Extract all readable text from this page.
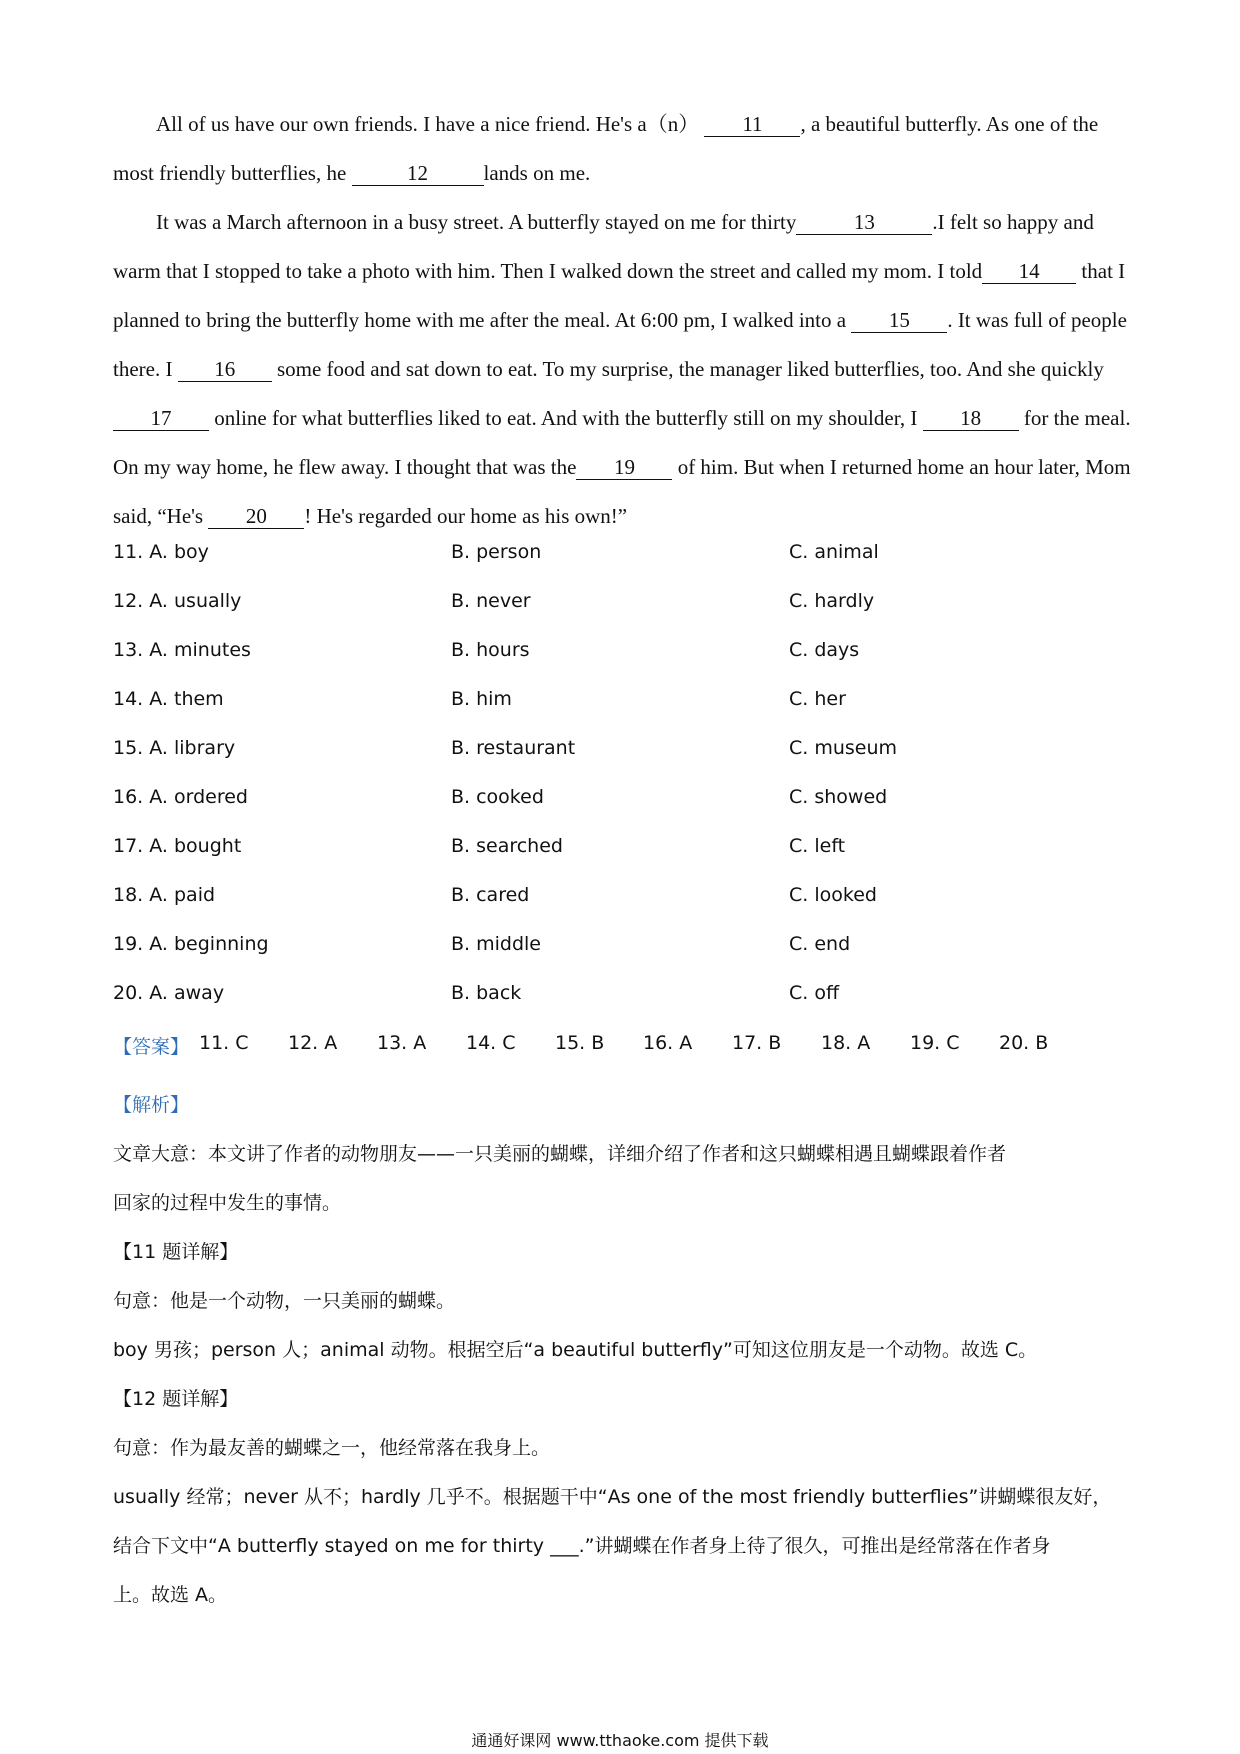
All of us have our own friends. I have a nice friend. He's a（n） 11 , a beautiful butterfly. As one of the most friendly butterflies, he	12	lands on me.

It was a March afternoon in a busy street. A butterfly stayed on me for thirty	13	.I felt so happy and warm that I stopped to take a photo with him. Then I walked down the street and called my mom. I told 14 that I planned to bring the butterfly home with me after the meal. At 6:00 pm, I walked into a 15 . It was full of people there. I 16 some food and sat down to eat. To my surprise, the manager liked butterflies, too. And she quickly 17 online for what butterflies liked to eat. And with the butterfly still on my shoulder, I 18 for the meal. On my way home, he flew away. I thought that was the 19 of him. But when I returned home an hour later, Mom said, “He's 20 ! He's regarded our home as his own!”

11. A. boy	B. person	C. animal
12. A. usually	B. never	C. hardly
13. A. minutes	B. hours	C. days
14. A. them	B. him	C. her
15. A. library	B. restaurant	C. museum
16. A. ordered	B. cooked	C. showed
17. A. bought	B. searched	C. left
18. A. paid	B. cared	C. looked
19. A. beginning	B. middle	C. end
20. A. away	B. back	C. off
【答案】 11. C 12. A 13. A 14. C 15. B 16. A 17. B 18. A 19. C 20. B
【解析】
文章大意：本文讲了作者的动物朋友——一只美丽的蝴蝶，详细介绍了作者和这只蝴蝶相遇且蝴蝶跟着作者
回家的过程中发生的事情。
【11 题详解】
句意：他是一个动物，一只美丽的蝴蝶。
boy 男孩；person 人；animal 动物。根据空后“a beautiful butterfly”可知这位朋友是一个动物。故选 C。
【12 题详解】
句意：作为最友善的蝴蝶之一，他经常落在我身上。
usually 经常；never 从不；hardly 几乎不。根据题干中“As one of the most friendly butterflies”讲蝴蝶很友好，
结合下文中“A butterfly stayed on me for thirty ___.”讲蝴蝶在作者身上待了很久，可推出是经常落在作者身
上。故选 A。
通通好课网 www.tthaoke.com 提供下载
